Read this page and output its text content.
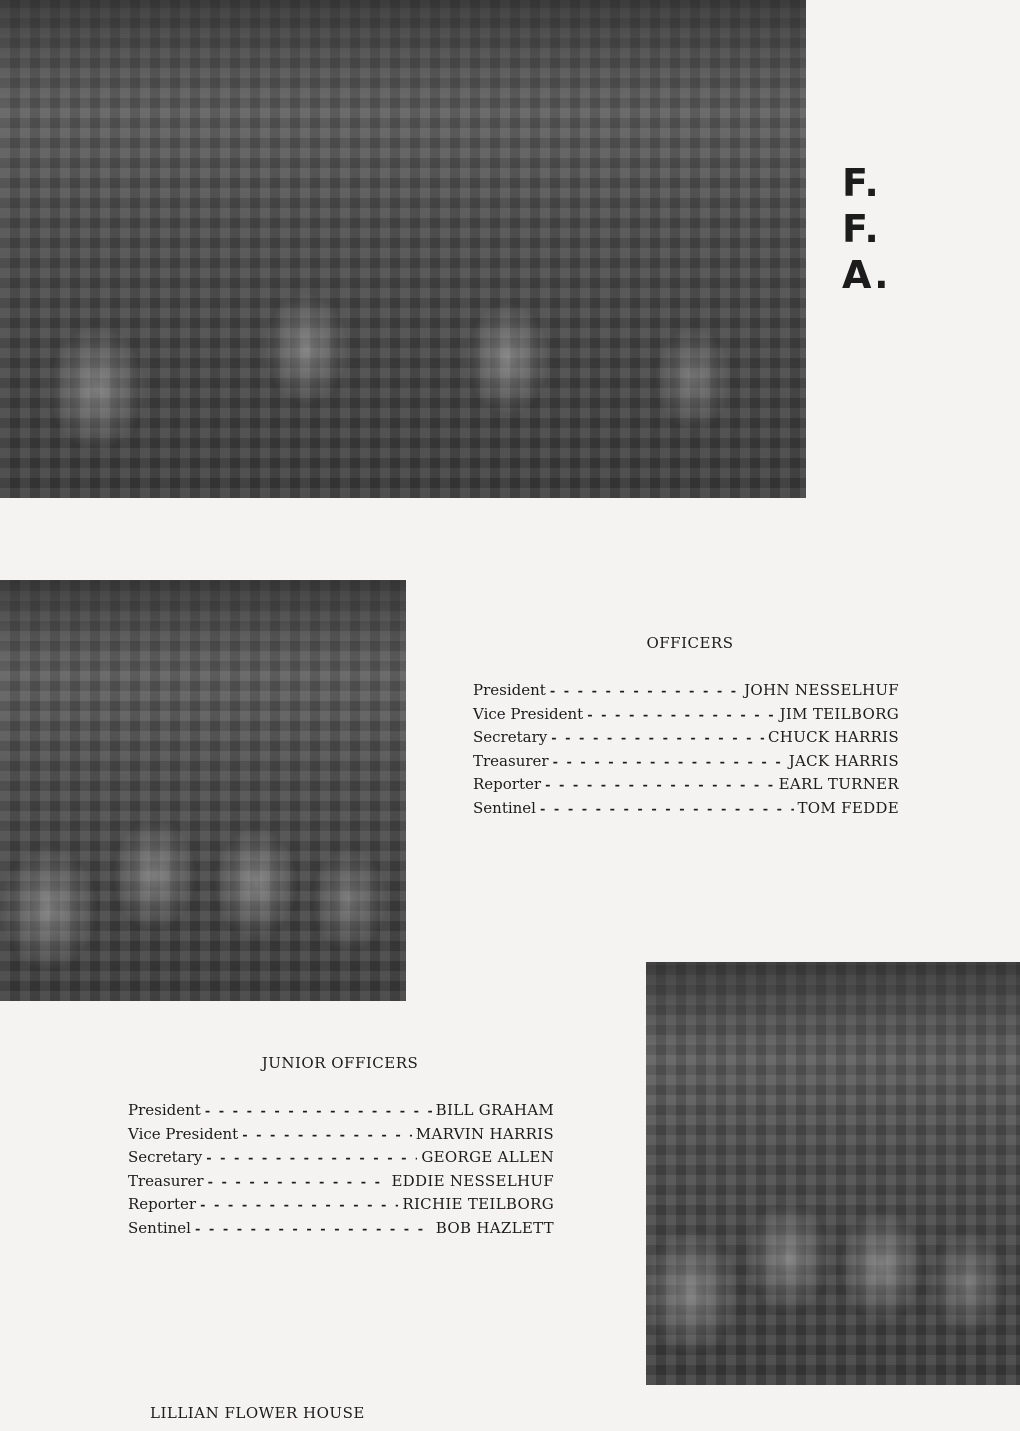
F.
F.
A.
OFFICERS
President - - -	JOHN NESSELHUF
Vice President - - -	JIM TEILBORG
Secretary - - -	CHUCK HARRIS
Treasurer - - -	JACK HARRIS
Reporter - - -	EARL TURNER
Sentinel - - -	TOM FEDDE
JUNIOR OFFICERS
President - - -	BILL GRAHAM
Vice President - - -	MARVIN HARRIS
Secretary - - -	GEORGE ALLEN
Treasurer - - -	EDDIE NESSELHUF
Reporter - - -	RICHIE TEILBORG
Sentinel - - -	BOB HAZLETT
LILLIAN FLOWER HOUSE
